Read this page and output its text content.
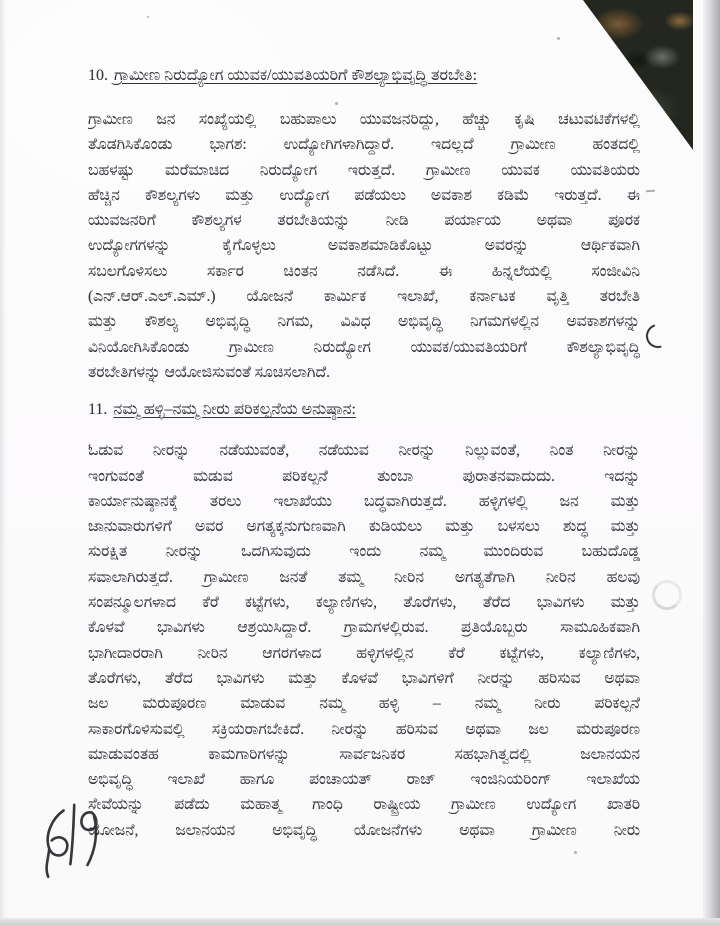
10. ಗ್ರಾಮೀಣ ನಿರುದ್ಯೋಗ ಯುವಕ/ಯುವತಿಯರಿಗೆ ಕೌಶಲ್ಯಾಭಿವೃದ್ಧಿ ತರಬೇತಿ:
ಗ್ರಾಮೀಣ ಜನ ಸಂಖ್ಯೆಯಲ್ಲಿ ಬಹುಪಾಲು ಯುವಜನರಿದ್ದು, ಹೆಚ್ಚು ಕೃಷಿ ಚಟುವಟಿಕೆಗಳಲ್ಲಿ
ತೊಡಗಿಸಿಕೊಂಡು ಭಾಗಶ: ಉದ್ಯೋಗಿಗಳಾಗಿದ್ದಾರೆ. ಇದಲ್ಲದೆ ಗ್ರಾಮೀಣ ಹಂತದಲ್ಲಿ
ಬಹಳಷ್ಟು ಮರೆಮಾಚಿದ ನಿರುದ್ಯೋಗ ಇರುತ್ತದೆ. ಗ್ರಾಮೀಣ ಯುವಕ ಯುವತಿಯರು
ಹೆಚ್ಚಿನ ಕೌಶಲ್ಯಗಳು ಮತ್ತು ಉದ್ಯೋಗ ಪಡೆಯಲು ಅವಕಾಶ ಕಡಿಮೆ ಇರುತ್ತದೆ. ಈ
ಯುವಜನರಿಗೆ ಕೌಶಲ್ಯಗಳ ತರಬೇತಿಯನ್ನು ನೀಡಿ ಪರ್ಯಾಯ ಅಥವಾ ಪೂರಕ
ಉದ್ಯೋಗಗಳನ್ನು ಕೈಗೊಳ್ಳಲು ಅವಕಾಶಮಾಡಿಕೊಟ್ಟು ಅವರನ್ನು ಆರ್ಥಿಕವಾಗಿ
ಸಬಲಗೊಳಿಸಲು ಸರ್ಕಾರ ಚಿಂತನ ನಡೆಸಿದೆ. ಈ ಹಿನ್ನಲೆಯಲ್ಲಿ ಸಂಜೀವಿನಿ
(ಎನ್.ಆರ್.ಎಲ್.ಎಮ್.) ಯೋಜನೆ ಕಾರ್ಮಿಕ ಇಲಾಖೆ, ಕರ್ನಾಟಕ ವೃತ್ತಿ ತರಬೇತಿ
ಮತ್ತು ಕೌಶಲ್ಯ ಅಭಿವೃದ್ಧಿ ನಿಗಮ, ವಿವಿಧ ಅಭಿವೃದ್ಧಿ ನಿಗಮಗಳಲ್ಲಿನ ಅವಕಾಶಗಳನ್ನು
ವಿನಿಯೋಗಿಸಿಕೊಂಡು ಗ್ರಾಮೀಣ ನಿರುದ್ಯೋಗ ಯುವಕ/ಯುವತಿಯರಿಗೆ ಕೌಶಲ್ಯಾಭಿವೃದ್ಧಿ
ತರಬೇತಿಗಳನ್ನು ಆಯೋಜಿಸುವಂತೆ ಸೂಚಿಸಲಾಗಿದೆ.
11. ನಮ್ಮ ಹಳ್ಳಿ–ನಮ್ಮ ನೀರು ಪರಿಕಲ್ಪನೆಯ ಅನುಷ್ಠಾನ:
ಓಡುವ ನೀರನ್ನು ನಡೆಯುವಂತೆ, ನಡೆಯುವ ನೀರನ್ನು ನಿಲ್ಲುವಂತೆ, ನಿಂತ ನೀರನ್ನು
ಇಂಗುವಂತೆ ಮಡುವ ಪರಿಕಲ್ಪನೆ ತುಂಬಾ ಪುರಾತನವಾದುದು. ಇದನ್ನು
ಕಾರ್ಯಾನುಷ್ಠಾನಕ್ಕೆ ತರಲು ಇಲಾಖೆಯು ಬದ್ಧವಾಗಿರುತ್ತದೆ. ಹಳ್ಳಿಗಳಲ್ಲಿ ಜನ ಮತ್ತು
ಜಾನುವಾರುಗಳಿಗೆ ಅವರ ಅಗತ್ಯಕ್ಕನುಗುಣವಾಗಿ ಕುಡಿಯಲು ಮತ್ತು ಬಳಸಲು ಶುದ್ಧ ಮತ್ತು
ಸುರಕ್ಷಿತ ನೀರನ್ನು ಒದಗಿಸುವುದು ಇಂದು ನಮ್ಮ ಮುಂದಿರುವ ಬಹುದೊಡ್ಡ
ಸವಾಲಾಗಿರುತ್ತದೆ. ಗ್ರಾಮೀಣ ಜನತೆ ತಮ್ಮ ನೀರಿನ ಅಗತ್ಯತೆಗಾಗಿ ನೀರಿನ ಹಲವು
ಸಂಪನ್ಮೂಲಗಳಾದ ಕೆರೆ ಕಟ್ಟೆಗಳು, ಕಲ್ಯಾಣಿಗಳು, ತೊರೆಗಳು, ತೆರೆದ ಭಾವಿಗಳು ಮತ್ತು
ಕೊಳವೆ ಭಾವಿಗಳು ಆಶ್ರಯಿಸಿದ್ದಾರೆ. ಗ್ರಾಮಗಳಲ್ಲಿರುವ. ಪ್ರತಿಯೊಬ್ಬರು ಸಾಮೂಹಿಕವಾಗಿ
ಭಾಗೀದಾರರಾಗಿ ನೀರಿನ ಆಗರಗಳಾದ ಹಳ್ಳಿಗಳಲ್ಲಿನ ಕೆರೆ ಕಟ್ಟೆಗಳು, ಕಲ್ಯಾಣಿಗಳು,
ತೊರೆಗಳು, ತೆರೆದ ಭಾವಿಗಳು ಮತ್ತು ಕೊಳವೆ ಭಾವಿಗಳಿಗೆ ನೀರನ್ನು ಹರಿಸುವ ಅಥವಾ
ಜಲ ಮರುಪೂರಣ ಮಾಡುವ ನಮ್ಮ ಹಳ್ಳಿ – ನಮ್ಮ ನೀರು ಪರಿಕಲ್ಪನೆ
ಸಾಕಾರಗೊಳಿಸುವಲ್ಲಿ ಸಕ್ರಿಯರಾಗಬೇಕಿದೆ. ನೀರನ್ನು ಹರಿಸುವ ಅಥವಾ ಜಲ ಮರುಪೂರಣ
ಮಾಡುವಂತಹ ಕಾಮಗಾರಿಗಳನ್ನು ಸಾರ್ವಜನಿಕರ ಸಹಭಾಗಿತ್ವದಲ್ಲಿ ಜಲಾನಯನ
ಅಭಿವೃದ್ಧಿ ಇಲಾಖೆ ಹಾಗೂ ಪಂಚಾಯತ್ ರಾಜ್ ಇಂಜಿನಿಯರಿಂಗ್ ಇಲಾಖೆಯ
ಸೇವೆಯನ್ನು ಪಡೆದು ಮಹಾತ್ಮ ಗಾಂಧಿ ರಾಷ್ಟ್ರೀಯ ಗ್ರಾಮೀಣ ಉದ್ಯೋಗ ಖಾತರಿ
ಯೋಜನೆ, ಜಲಾನಯನ ಅಭಿವೃದ್ಧಿ ಯೋಜನೆಗಳು ಅಥವಾ ಗ್ರಾಮೀಣ ನೀರು
